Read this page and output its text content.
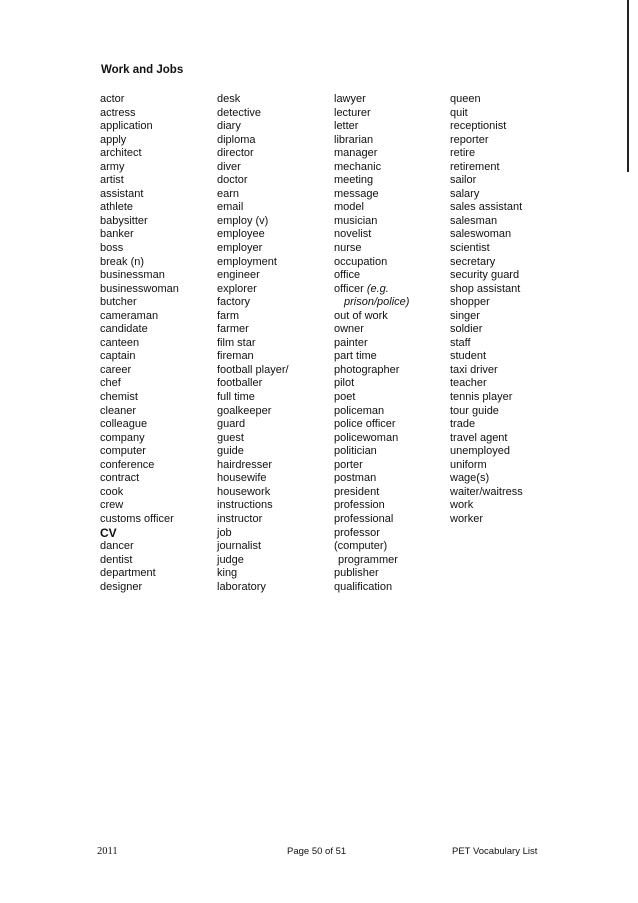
Work and Jobs
actor
actress
application
apply
architect
army
artist
assistant
athlete
babysitter
banker
boss
break (n)
businessman
businesswoman
butcher
cameraman
candidate
canteen
captain
career
chef
chemist
cleaner
colleague
company
computer
conference
contract
cook
crew
customs officer
CV
dancer
dentist
department
designer
desk
detective
diary
diploma
director
diver
doctor
earn
email
employ (v)
employee
employer
employment
engineer
explorer
factory
farm
farmer
film star
fireman
football player/
footballer
full time
goalkeeper
guard
guest
guide
hairdresser
housewife
housework
instructions
instructor
job
journalist
judge
king
laboratory
lawyer
lecturer
letter
librarian
manager
mechanic
meeting
message
model
musician
novelist
nurse
occupation
office
officer (e.g.
prison/police)
out of work
owner
painter
part time
photographer
pilot
poet
policeman
police officer
policewoman
politician
porter
postman
president
profession
professional
professor
(computer)
programmer
publisher
qualification
queen
quit
receptionist
reporter
retire
retirement
sailor
salary
sales assistant
salesman
saleswoman
scientist
secretary
security guard
shop assistant
shopper
singer
soldier
staff
student
taxi driver
teacher
tennis player
tour guide
trade
travel agent
unemployed
uniform
wage(s)
waiter/waitress
work
worker
2011	Page 50 of 51	PET Vocabulary List
